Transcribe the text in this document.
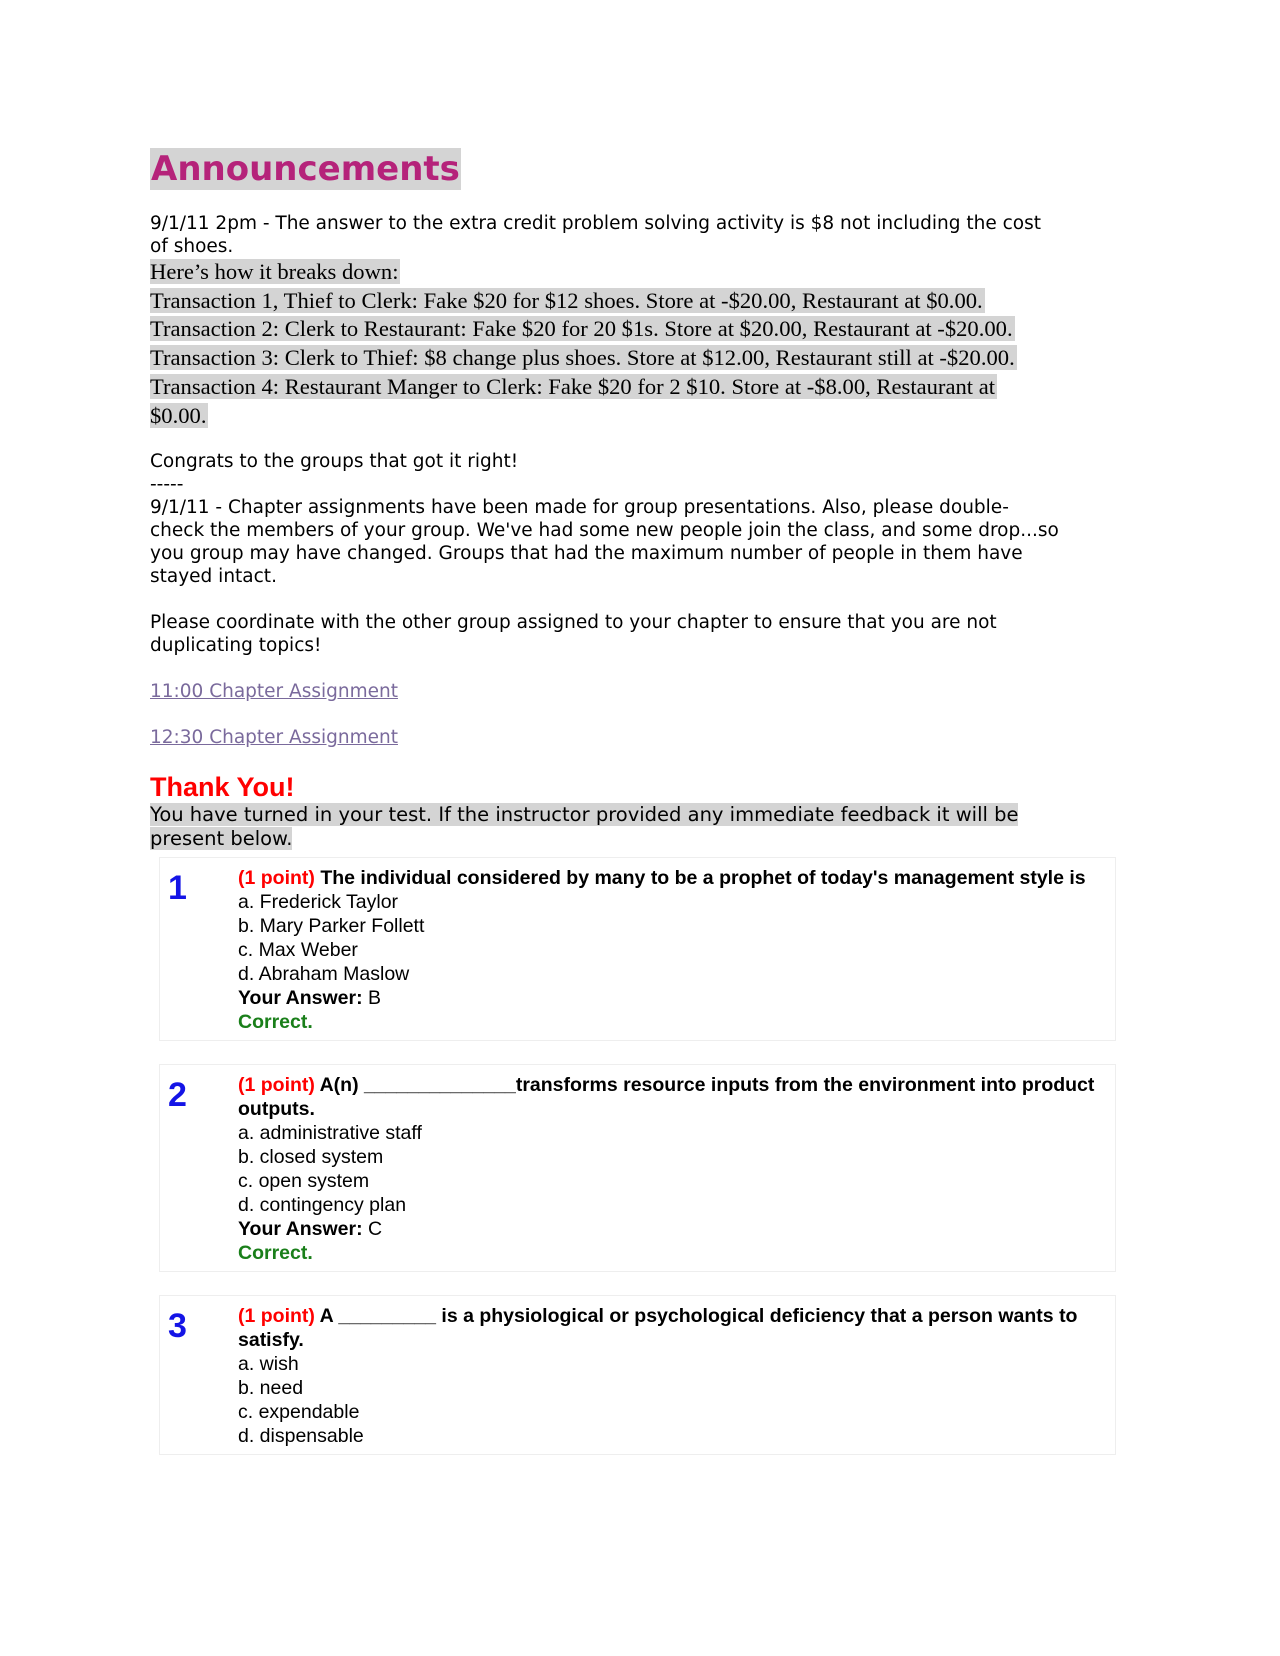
Announcements

9/1/11 2pm - The answer to the extra credit problem solving activity is $8 not including the cost

of shoes.

Here’s how it breaks down:
Transaction 1, Thief to Clerk: Fake $20 for $12 shoes. Store at -$20.00, Restaurant at $0.00.
Transaction 2: Clerk to Restaurant: Fake $20 for 20 $1s. Store at $20.00, Restaurant at -$20.00.
Transaction 3: Clerk to Thief: $8 change plus shoes. Store at $12.00, Restaurant still at -$20.00.
Transaction 4: Restaurant Manger to Clerk: Fake $20 for 2 $10. Store at -$8.00, Restaurant at
$0.00.

Congrats to the groups that got it right!

-----

9/1/11 - Chapter assignments have been made for group presentations. Also, please double-

check the members of your group. We've had some new people join the class, and some drop...so

you group may have changed. Groups that had the maximum number of people in them have

stayed intact.

Please coordinate with the other group assigned to your chapter to ensure that you are not

duplicating topics!

11:00 Chapter Assignment

12:30 Chapter Assignment

Thank You!

You have turned in your test. If the instructor provided any immediate feedback it will be

present below.

1	(1 point) The individual considered by many to be a prophet of today's management style is
a. Frederick Taylor
b. Mary Parker Follett
c. Max Weber
d. Abraham Maslow
Your Answer: B
Correct.
2	(1 point) A(n) ______________transforms resource inputs from the environment into product outputs.
a. administrative staff
b. closed system
c. open system
d. contingency plan
Your Answer: C
Correct.
3	(1 point) A _________ is a physiological or psychological deficiency that a person wants to satisfy.
a. wish
b. need
c. expendable
d. dispensable
